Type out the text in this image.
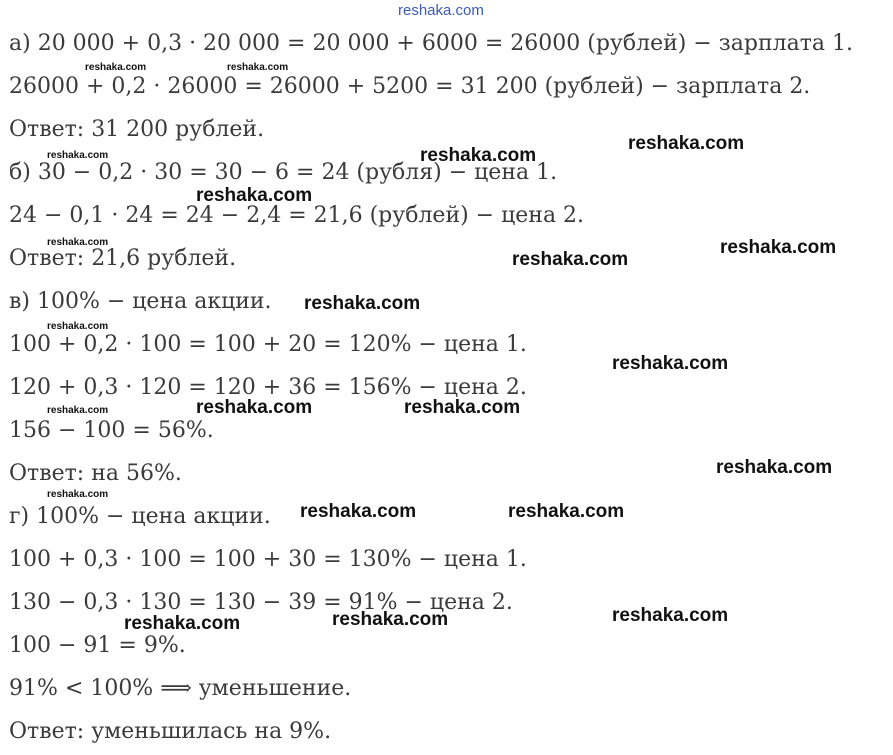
reshaka.com
а) 20 000 + 0,3 · 20 000 = 20 000 + 6000 = 26000 (рублей) − зарплата 1.
26000 + 0,2 · 26000 = 26000 + 5200 = 31 200 (рублей) − зарплата 2.
Ответ: 31 200 рублей.
б) 30 − 0,2 · 30 = 30 − 6 = 24 (рубля) − цена 1.
24 − 0,1 · 24 = 24 − 2,4 = 21,6 (рублей) − цена 2.
Ответ: 21,6 рублей.
в) 100% − цена акции.
100 + 0,2 · 100 = 100 + 20 = 120% − цена 1.
120 + 0,3 · 120 = 120 + 36 = 156% − цена 2.
156 − 100 = 56%.
Ответ: на 56%.
г) 100% − цена акции.
100 + 0,3 · 100 = 100 + 30 = 130% − цена 1.
130 − 0,3 · 130 = 130 − 39 = 91% − цена 2.
100 − 91 = 9%.
91% < 100% ⟹ уменьшение.
Ответ: уменьшилась на 9%.
reshaka.com	reshaka.com
reshaka.com
reshaka.com
reshaka.com
reshaka.com
reshaka.com
reshaka.com
reshaka.com
reshaka.com
reshaka.com
reshaka.com
reshaka.com
reshaka.com
reshaka.com	reshaka.com
reshaka.com
reshaka.com	reshaka.com
reshaka.com
reshaka.com	reshaka.com
